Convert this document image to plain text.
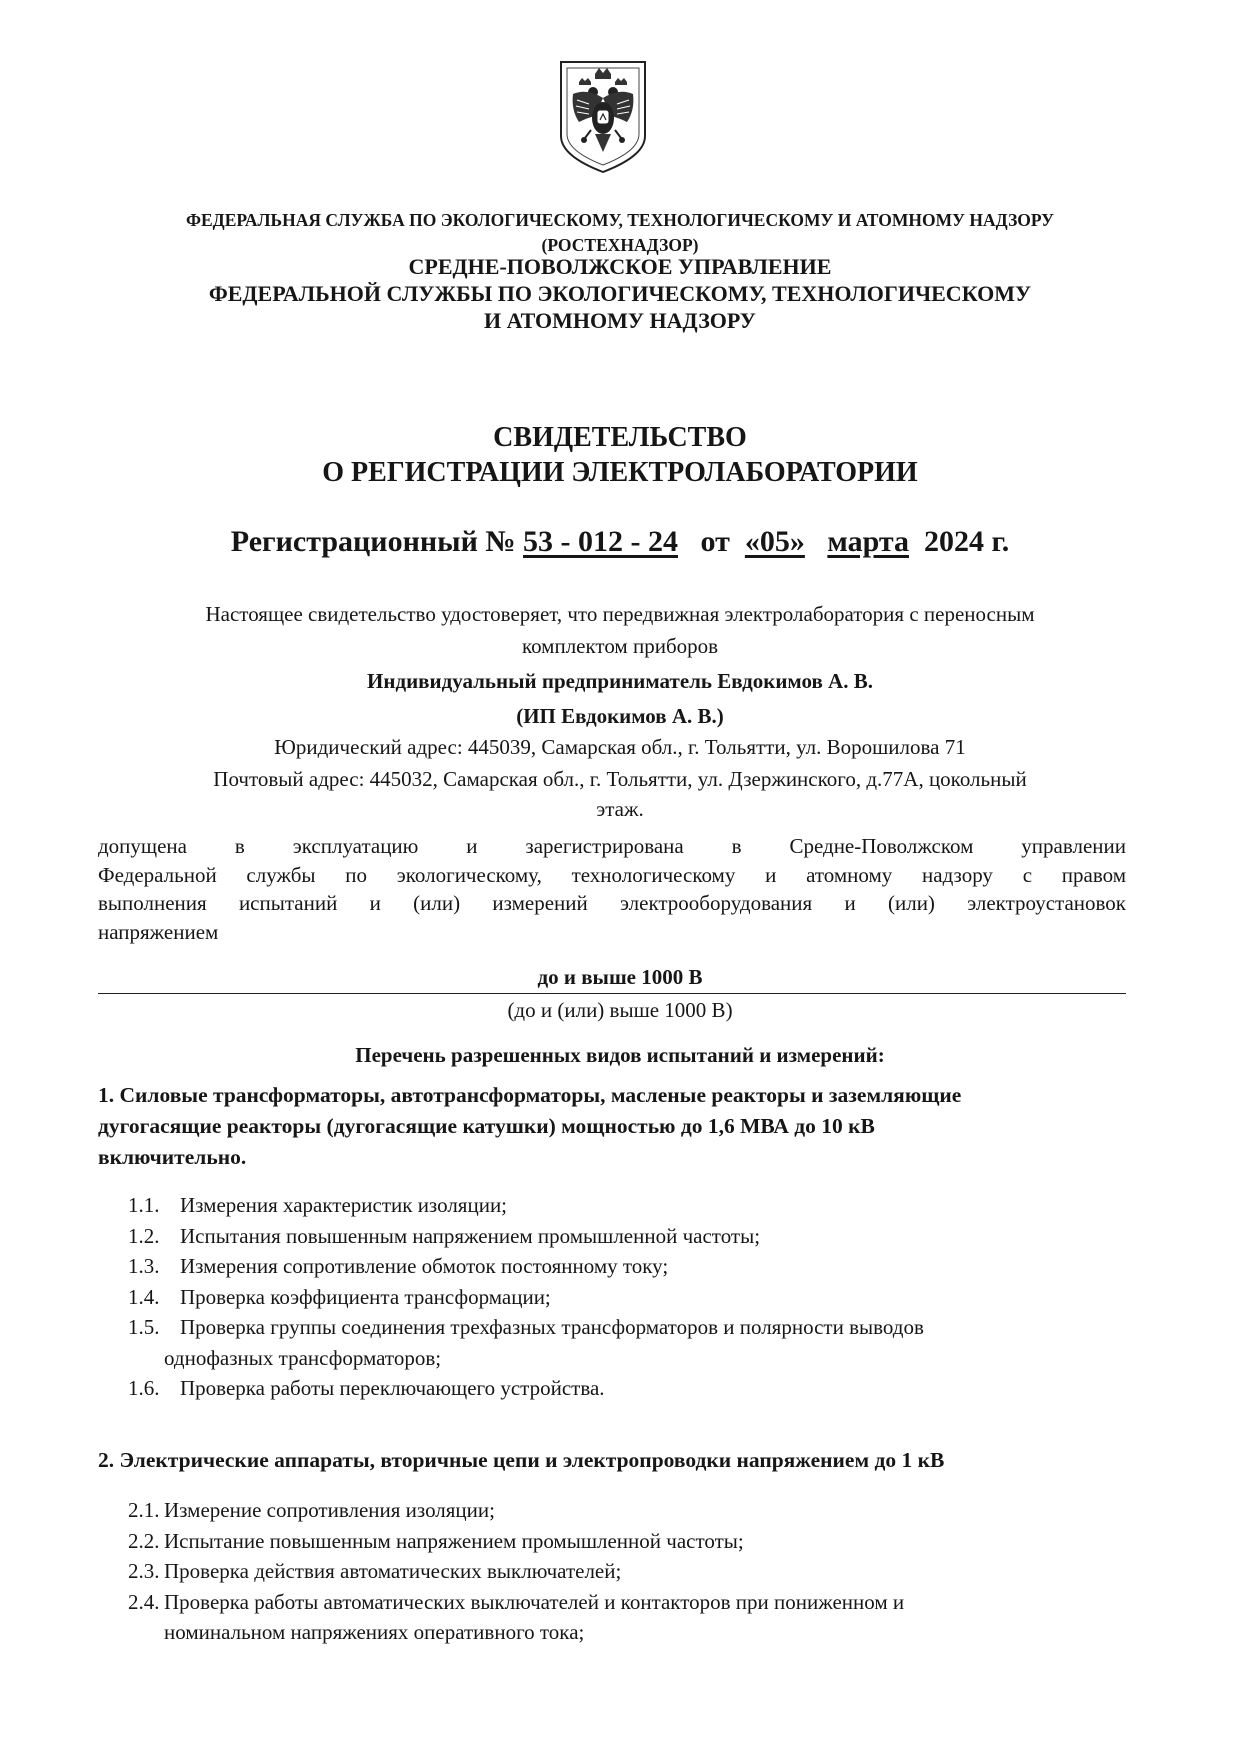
ФЕДЕРАЛЬНАЯ СЛУЖБА ПО ЭКОЛОГИЧЕСКОМУ, ТЕХНОЛОГИЧЕСКОМУ И АТОМНОМУ НАДЗОРУ
(РОСТЕХНАДЗОР)
СРЕДНЕ-ПОВОЛЖСКОЕ УПРАВЛЕНИЕ
ФЕДЕРАЛЬНОЙ СЛУЖБЫ ПО ЭКОЛОГИЧЕСКОМУ, ТЕХНОЛОГИЧЕСКОМУ
И АТОМНОМУ НАДЗОРУ
СВИДЕТЕЛЬСТВО
О РЕГИСТРАЦИИ ЭЛЕКТРОЛАБОРАТОРИИ
Регистрационный № 53 - 012 - 24 от «05» марта 2024 г.
Настоящее свидетельство удостоверяет, что передвижная электролаборатория с переносным
комплектом приборов
Индивидуальный предприниматель Евдокимов А. В.
(ИП Евдокимов А. В.)
Юридический адрес: 445039, Самарская обл., г. Тольятти, ул. Ворошилова 71
Почтовый адрес: 445032, Самарская обл., г. Тольятти, ул. Дзержинского, д.77А, цокольный
этаж.
допущена в эксплуатацию и зарегистрирована в Средне-Поволжском управлении
Федеральной службы по экологическому, технологическому и атомному надзору с правом
выполнения испытаний и (или) измерений электрооборудования и (или) электроустановок
напряжением
до и выше 1000 В
(до и (или) выше 1000 В)
Перечень разрешенных видов испытаний и измерений:
1. Силовые трансформаторы, автотрансформаторы, масленые реакторы и заземляющие
дугогасящие реакторы (дугогасящие катушки) мощностью до 1,6 МВА до 10 кВ
включительно.
1.1. Измерения характеристик изоляции;
1.2. Испытания повышенным напряжением промышленной частоты;
1.3. Измерения сопротивление обмоток постоянному току;
1.4. Проверка коэффициента трансформации;
1.5. Проверка группы соединения трехфазных трансформаторов и полярности выводов
однофазных трансформаторов;
1.6. Проверка работы переключающего устройства.
2. Электрические аппараты, вторичные цепи и электропроводки напряжением до 1 кВ
2.1. Измерение сопротивления изоляции;
2.2. Испытание повышенным напряжением промышленной частоты;
2.3. Проверка действия автоматических выключателей;
2.4. Проверка работы автоматических выключателей и контакторов при пониженном и
номинальном напряжениях оперативного тока;
